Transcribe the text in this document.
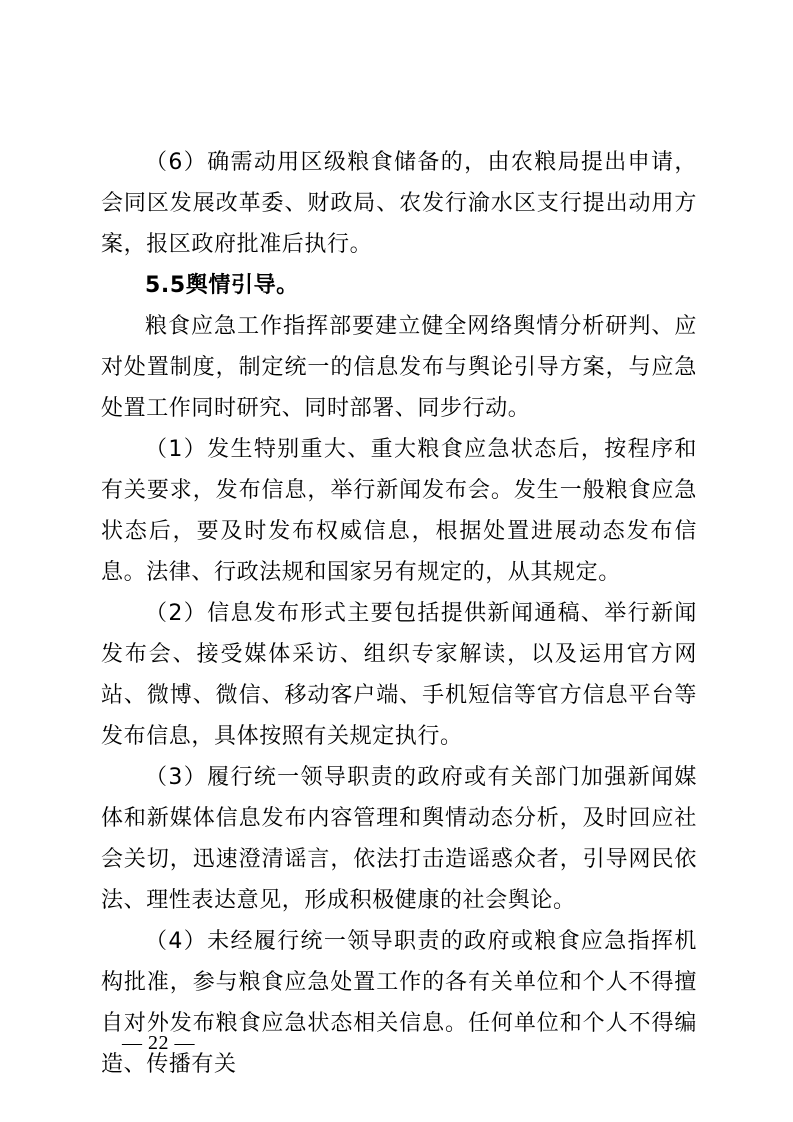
（6）确需动用区级粮食储备的，由农粮局提出申请，会同区发展改革委、财政局、农发行渝水区支行提出动用方案，报区政府批准后执行。

5.5舆情引导。

粮食应急工作指挥部要建立健全网络舆情分析研判、应对处置制度，制定统一的信息发布与舆论引导方案，与应急处置工作同时研究、同时部署、同步行动。

（1）发生特别重大、重大粮食应急状态后，按程序和有关要求，发布信息，举行新闻发布会。发生一般粮食应急状态后，要及时发布权威信息，根据处置进展动态发布信息。法律、行政法规和国家另有规定的，从其规定。

（2）信息发布形式主要包括提供新闻通稿、举行新闻发布会、接受媒体采访、组织专家解读，以及运用官方网站、微博、微信、移动客户端、手机短信等官方信息平台等发布信息，具体按照有关规定执行。

（3）履行统一领导职责的政府或有关部门加强新闻媒体和新媒体信息发布内容管理和舆情动态分析，及时回应社会关切，迅速澄清谣言，依法打击造谣惑众者，引导网民依法、理性表达意见，形成积极健康的社会舆论。

（4）未经履行统一领导职责的政府或粮食应急指挥机构批准，参与粮食应急处置工作的各有关单位和个人不得擅自对外发布粮食应急状态相关信息。任何单位和个人不得编造、传播有关

— 22 —
